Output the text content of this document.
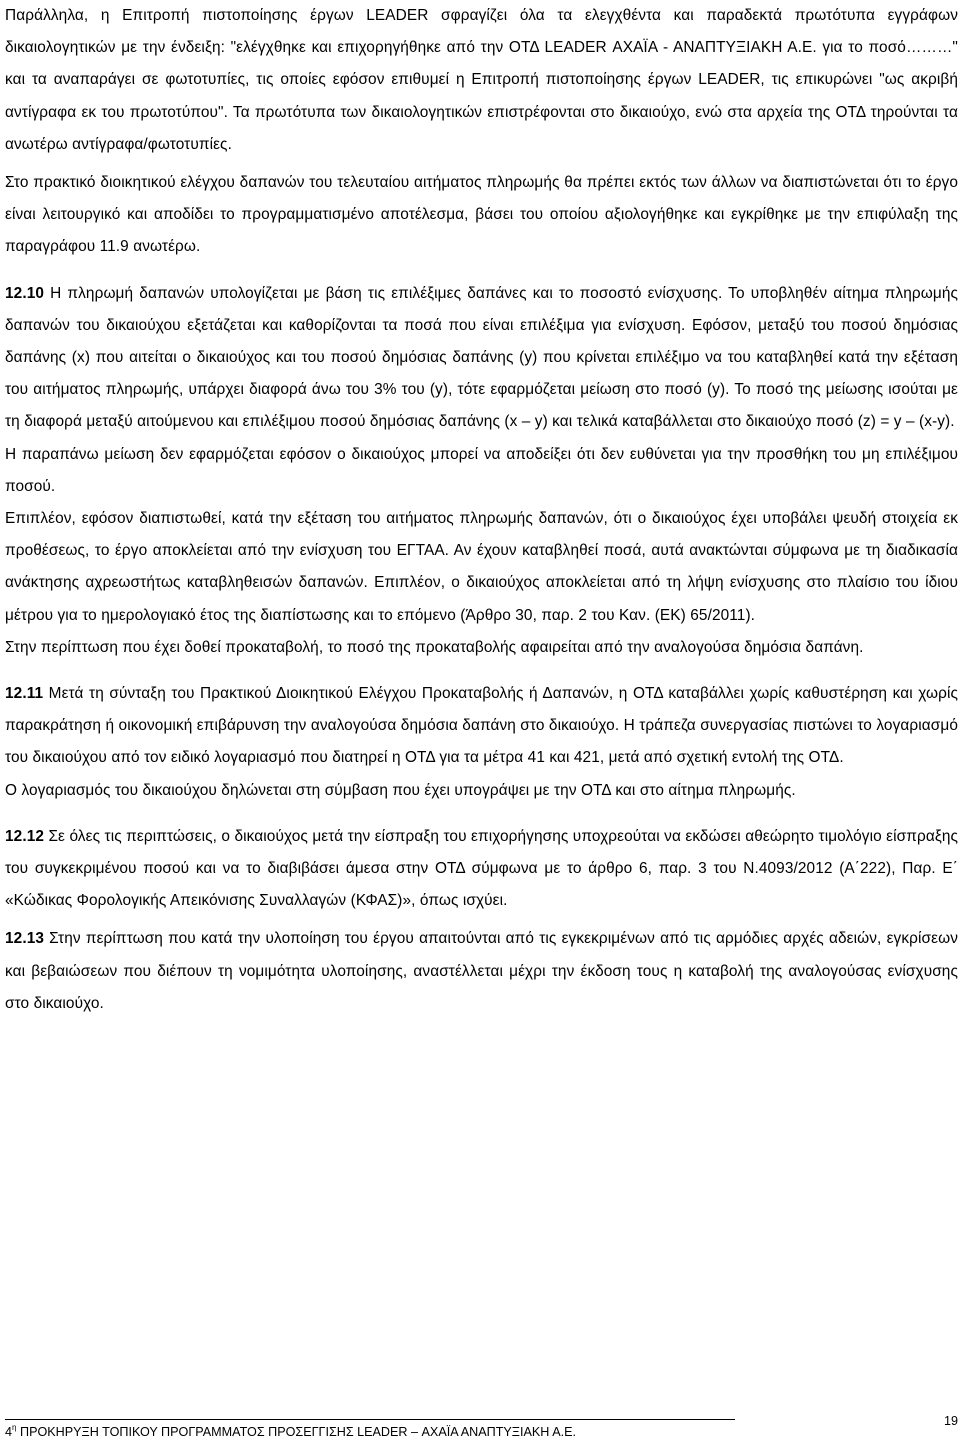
Παράλληλα, η Επιτροπή πιστοποίησης έργων LEADER σφραγίζει όλα τα ελεγχθέντα και παραδεκτά πρωτότυπα εγγράφων δικαιολογητικών με την ένδειξη: "ελέγχθηκε και επιχορηγήθηκε από την ΟΤΔ LEADER ΑΧΑΪΑ - ΑΝΑΠΤΥΞΙΑΚΗ Α.Ε. για το ποσό………" και τα αναπαράγει σε φωτοτυπίες, τις οποίες εφόσον επιθυμεί η Επιτροπή πιστοποίησης έργων LEADER, τις επικυρώνει "ως ακριβή αντίγραφα εκ του πρωτοτύπου". Τα πρωτότυπα των δικαιολογητικών επιστρέφονται στο δικαιούχο, ενώ στα αρχεία της ΟΤΔ τηρούνται τα ανωτέρω αντίγραφα/φωτοτυπίες.

Στο πρακτικό διοικητικού ελέγχου δαπανών του τελευταίου αιτήματος πληρωμής θα πρέπει εκτός των άλλων να διαπιστώνεται ότι το έργο είναι λειτουργικό και αποδίδει το προγραμματισμένο αποτέλεσμα, βάσει του οποίου αξιολογήθηκε και εγκρίθηκε με την επιφύλαξη της παραγράφου 11.9 ανωτέρω.

12.10 Η πληρωμή δαπανών υπολογίζεται με βάση τις επιλέξιμες δαπάνες και το ποσοστό ενίσχυσης. Το υποβληθέν αίτημα πληρωμής δαπανών του δικαιούχου εξετάζεται και καθορίζονται τα ποσά που είναι επιλέξιμα για ενίσχυση. Εφόσον, μεταξύ του ποσού δημόσιας δαπάνης (x) που αιτείται ο δικαιούχος και του ποσού δημόσιας δαπάνης (y) που κρίνεται επιλέξιμο να του καταβληθεί κατά την εξέταση του αιτήματος πληρωμής, υπάρχει διαφορά άνω του 3% του (y), τότε εφαρμόζεται μείωση στο ποσό (y). Το ποσό της μείωσης ισούται με τη διαφορά μεταξύ αιτούμενου και επιλέξιμου ποσού δημόσιας δαπάνης (x – y) και τελικά καταβάλλεται στο δικαιούχο ποσό (z) = y – (x-y).

Η παραπάνω μείωση δεν εφαρμόζεται εφόσον ο δικαιούχος μπορεί να αποδείξει ότι δεν ευθύνεται για την προσθήκη του μη επιλέξιμου ποσού.

Επιπλέον, εφόσον διαπιστωθεί, κατά την εξέταση του αιτήματος πληρωμής δαπανών, ότι ο δικαιούχος έχει υποβάλει ψευδή στοιχεία εκ προθέσεως, το έργο αποκλείεται από την ενίσχυση του ΕΓΤΑΑ. Αν έχουν καταβληθεί ποσά, αυτά ανακτώνται σύμφωνα με τη διαδικασία ανάκτησης αχρεωστήτως καταβληθεισών δαπανών. Επιπλέον, ο δικαιούχος αποκλείεται από τη λήψη ενίσχυσης στο πλαίσιο του ίδιου μέτρου για το ημερολογιακό έτος της διαπίστωσης και το επόμενο (Άρθρο 30, παρ. 2 του Καν. (ΕΚ) 65/2011).

Στην περίπτωση που έχει δοθεί προκαταβολή, το ποσό της προκαταβολής αφαιρείται από την αναλογούσα δημόσια δαπάνη.

12.11 Μετά τη σύνταξη του Πρακτικού Διοικητικού Ελέγχου Προκαταβολής ή Δαπανών, η ΟΤΔ καταβάλλει χωρίς καθυστέρηση και χωρίς παρακράτηση ή οικονομική επιβάρυνση την αναλογούσα δημόσια δαπάνη στο δικαιούχο. Η τράπεζα συνεργασίας πιστώνει το λογαριασμό του δικαιούχου από τον ειδικό λογαριασμό που διατηρεί η ΟΤΔ για τα μέτρα 41 και 421, μετά από σχετική εντολή της ΟΤΔ.

Ο λογαριασμός του δικαιούχου δηλώνεται στη σύμβαση που έχει υπογράψει με την ΟΤΔ και στο αίτημα πληρωμής.

12.12 Σε όλες τις περιπτώσεις, ο δικαιούχος μετά την είσπραξη του επιχορήγησης υποχρεούται να εκδώσει αθεώρητο τιμολόγιο είσπραξης του συγκεκριμένου ποσού και να το διαβιβάσει άμεσα στην ΟΤΔ σύμφωνα με το άρθρο 6, παρ. 3 του Ν.4093/2012 (Α΄222), Παρ. Ε΄ «Κώδικας Φορολογικής Απεικόνισης Συναλλαγών (ΚΦΑΣ)», όπως ισχύει.

12.13 Στην περίπτωση που κατά την υλοποίηση του έργου απαιτούνται από τις εγκεκριμένων από τις αρμόδιες αρχές αδειών, εγκρίσεων και βεβαιώσεων που διέπουν τη νομιμότητα υλοποίησης, αναστέλλεται μέχρι την έκδοση τους η καταβολή της αναλογούσας ενίσχυσης στο δικαιούχο.

$4^\eta$ ΠΡΟΚΗΡΥΞΗ ΤΟΠΙΚΟΥ ΠΡΟΓΡΑΜΜΑΤΟΣ ΠΡΟΣΕΓΓΙΣΗΣ LEADER – ΑΧΑΪΑ ΑΝΑΠΤΥΞΙΑΚΗ Α.Ε.
19
